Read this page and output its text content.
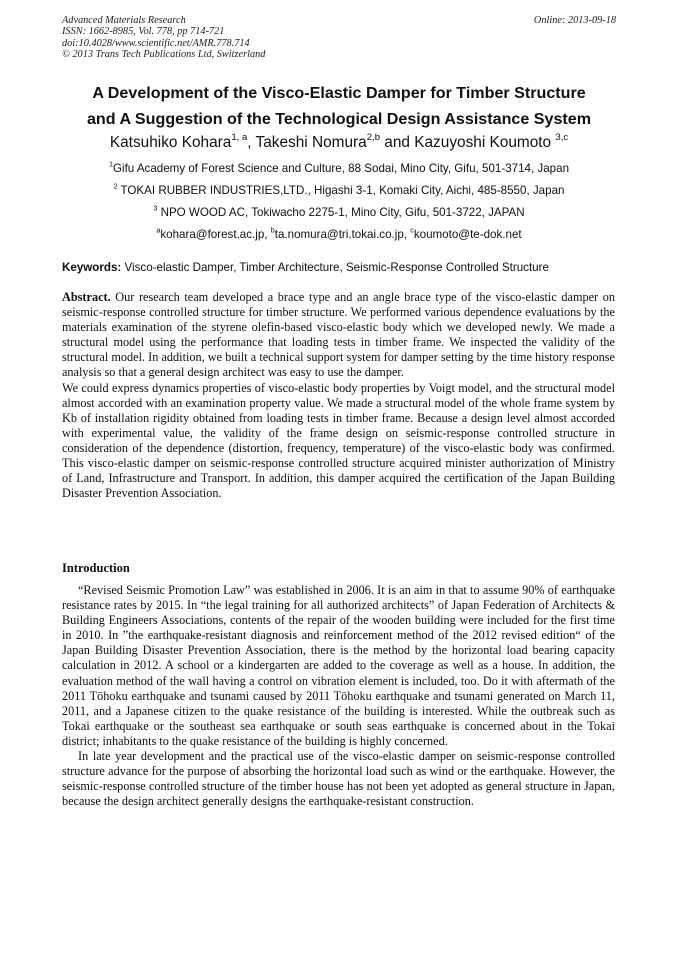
Advanced Materials Research
ISSN: 1662-8985, Vol. 778, pp 714-721
doi:10.4028/www.scientific.net/AMR.778.714
© 2013 Trans Tech Publications Ltd, Switzerland
Online: 2013-09-18
A Development of the Visco-Elastic Damper for Timber Structure
and A Suggestion of the Technological Design Assistance System
Katsuhiko Kohara$^{1, a}$, Takeshi Nomura$^{2,b}$ and Kazuyoshi Koumoto $^{3,c}$
$^1$Gifu Academy of Forest Science and Culture, 88 Sodai, Mino City, Gifu, 501-3714, Japan
$^2$ TOKAI RUBBER INDUSTRIES,LTD., Higashi 3-1, Komaki City, Aichi, 485-8550, Japan
$^3$ NPO WOOD AC, Tokiwacho 2275-1, Mino City, Gifu, 501-3722, JAPAN
$^a$kohara@forest.ac.jp, $^b$ta.nomura@tri.tokai.co.jp, $^c$koumoto@te-dok.net
Keywords: Visco-elastic Damper, Timber Architecture, Seismic-Response Controlled Structure

Abstract. Our research team developed a brace type and an angle brace type of the visco-elastic damper on seismic-response controlled structure for timber structure. We performed various dependence evaluations by the materials examination of the styrene olefin-based visco-elastic body which we developed newly. We made a structural model using the performance that loading tests in timber frame. We inspected the validity of the structural model. In addition, we built a technical support system for damper setting by the time history response analysis so that a general design architect was easy to use the damper.

We could express dynamics properties of visco-elastic body properties by Voigt model, and the structural model almost accorded with an examination property value. We made a structural model of the whole frame system by Kb of installation rigidity obtained from loading tests in timber frame. Because a design level almost accorded with experimental value, the validity of the frame design on seismic-response controlled structure in consideration of the dependence (distortion, frequency, temperature) of the visco-elastic body was confirmed. This visco-elastic damper on seismic-response controlled structure acquired minister authorization of Ministry of Land, Infrastructure and Transport. In addition, this damper acquired the certification of the Japan Building Disaster Prevention Association.

Introduction

“Revised Seismic Promotion Law” was established in 2006. It is an aim in that to assume 90% of earthquake resistance rates by 2015. In “the legal training for all authorized architects” of Japan Federation of Architects & Building Engineers Associations, contents of the repair of the wooden building were included for the first time in 2010. In ”the earthquake-resistant diagnosis and reinforcement method of the 2012 revised edition“ of the Japan Building Disaster Prevention Association, there is the method by the horizontal load bearing capacity calculation in 2012. A school or a kindergarten are added to the coverage as well as a house. In addition, the evaluation method of the wall having a control on vibration element is included, too. Do it with aftermath of the 2011 Tōhoku earthquake and tsunami caused by 2011 Tōhoku earthquake and tsunami generated on March 11, 2011, and a Japanese citizen to the quake resistance of the building is interested. While the outbreak such as Tokai earthquake or the southeast sea earthquake or south seas earthquake is concerned about in the Tokai district; inhabitants to the quake resistance of the building is highly concerned.

In late year development and the practical use of the visco-elastic damper on seismic-response controlled structure advance for the purpose of absorbing the horizontal load such as wind or the earthquake. However, the seismic-response controlled structure of the timber house has not been yet adopted as general structure in Japan, because the design architect generally designs the earthquake-resistant construction.
